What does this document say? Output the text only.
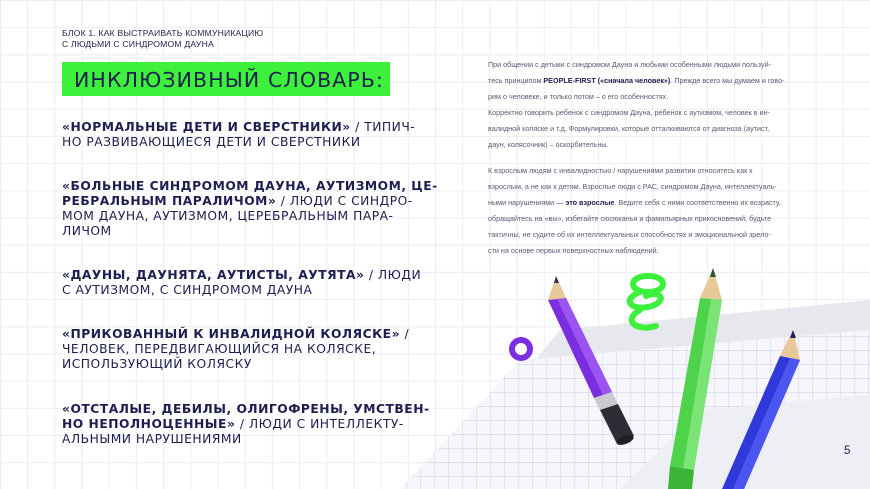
БЛОК 1. КАК ВЫСТРАИВАТЬ КОММУНИКАЦИЮ
С ЛЮДЬМИ С СИНДРОМОМ ДАУНА
ИНКЛЮЗИВНЫЙ СЛОВАРЬ:
«НОРМАЛЬНЫЕ ДЕТИ И СВЕРСТНИКИ» / ТИПИЧ-
НО РАЗВИВАЮЩИЕСЯ ДЕТИ И СВЕРСТНИКИ
«БОЛЬНЫЕ СИНДРОМОМ ДАУНА, АУТИЗМОМ, ЦЕ-
РЕБРАЛЬНЫМ ПАРАЛИЧОМ» / ЛЮДИ С СИНДРО-
МОМ ДАУНА, АУТИЗМОМ, ЦЕРЕБРАЛЬНЫМ ПАРА-
ЛИЧОМ
«ДАУНЫ, ДАУНЯТА, АУТИСТЫ, АУТЯТА» / ЛЮДИ
С АУТИЗМОМ, С СИНДРОМОМ ДАУНА
«ПРИКОВАННЫЙ К ИНВАЛИДНОЙ КОЛЯСКЕ» /
ЧЕЛОВЕК, ПЕРЕДВИГАЮЩИЙСЯ НА КОЛЯСКЕ,
ИСПОЛЬЗУЮЩИЙ КОЛЯСКУ
«ОТСТАЛЫЕ, ДЕБИЛЫ, ОЛИГОФРЕНЫ, УМСТВЕН-
НО НЕПОЛНОЦЕННЫЕ» / ЛЮДИ С ИНТЕЛЛЕКТУ-
АЛЬНЫМИ НАРУШЕНИЯМИ
При общении с детьми с синдромом Дауна и любыми особенными людьми пользуй-
тесь принципом PEOPLE-FIRST («сначала человек»). Прежде всего мы думаем и гово-
рим о человеке, и только потом – о его особенностях.
Корректно говорить ребенок с синдромом Дауна, ребенок с аутизмом, человек в ин-
валидной коляске и т.д. Формулировки, которые отталкиваются от диагноза (аутист,
даун, колясочник) – оскорбительны.
К взрослым людям с инвалидностью / нарушениями развития относитесь как к
взрослым, а не как к детям. Взрослые люди с РАС, синдромом Дауна, интеллектуаль-
ными нарушениями — это взрослые. Ведите себя с ними соответственно их возрасту,
обращайтесь на «вы», избегайте сюсюканья и фамильярных прикосновений, будьте
тактичны, не судите об их интеллектуальных способностях и эмоциональной зрело-
сти на основе первых поверхностных наблюдений.
5
